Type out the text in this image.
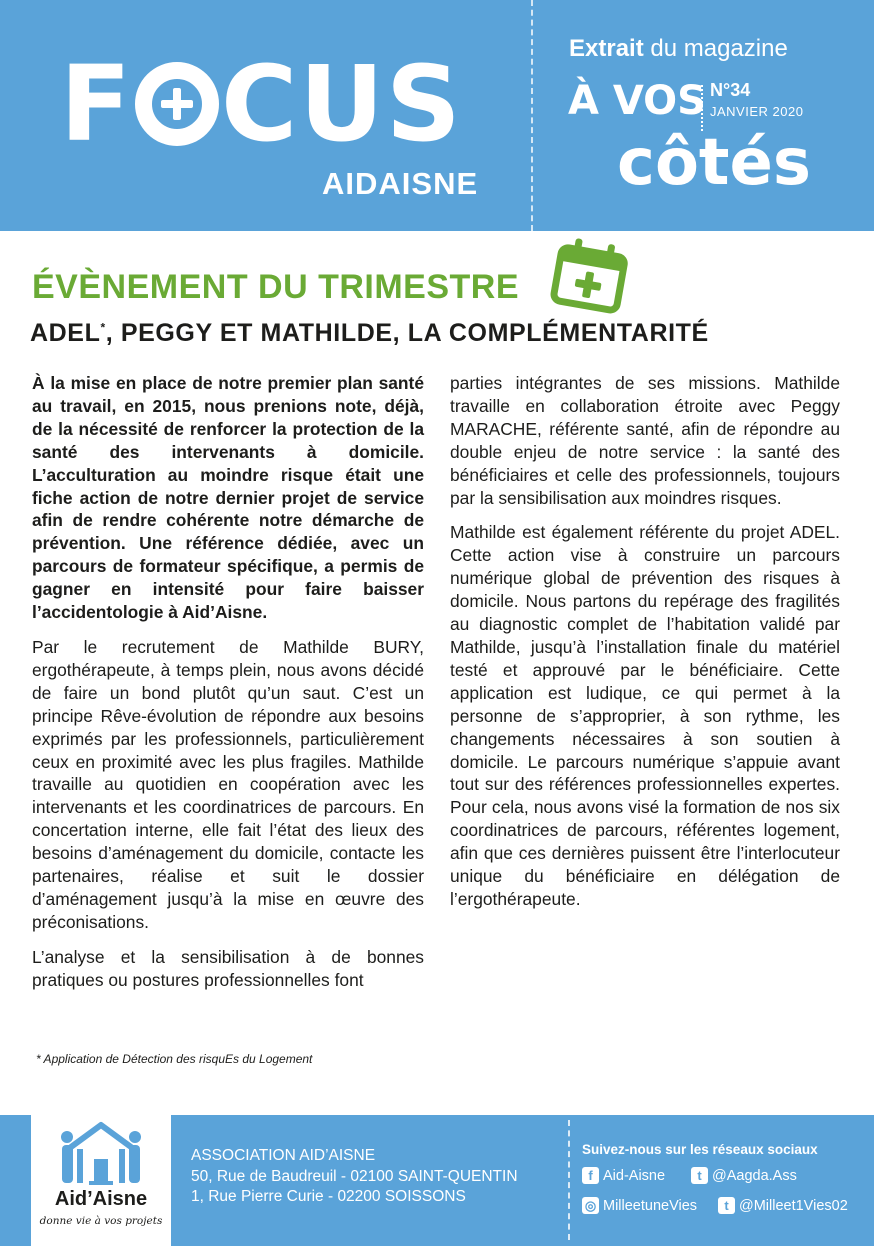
F CUS
AIDAISNE
Extrait du magazine
À VOS N°34
JANVIER 2020
côtés
ÉVÈNEMENT DU TRIMESTRE
ADEL*, PEGGY ET MATHILDE, LA COMPLÉMENTARITÉ

À la mise en place de notre premier plan santé au travail, en 2015, nous prenions note, déjà, de la nécessité de renforcer la protection de la santé des intervenants à domicile. L’acculturation au moindre risque était une fiche action de notre dernier projet de service afin de rendre cohérente notre démarche de prévention. Une référence dédiée, avec un parcours de formateur spécifique, a permis de gagner en intensité pour faire baisser l’accidentologie à Aid’Aisne.

Par le recrutement de Mathilde BURY, ergothérapeute, à temps plein, nous avons décidé de faire un bond plutôt qu’un saut. C’est un principe Rêve-évolution de répondre aux besoins exprimés par les professionnels, particulièrement ceux en proximité avec les plus fragiles. Mathilde travaille au quotidien en coopération avec les intervenants et les coordinatrices de parcours. En concertation interne, elle fait l’état des lieux des besoins d’aménagement du domicile, contacte les partenaires, réalise et suit le dossier d’aménagement jusqu’à la mise en œuvre des préconisations.

L’analyse et la sensibilisation à de bonnes pratiques ou postures professionnelles font

parties intégrantes de ses missions. Mathilde travaille en collaboration étroite avec Peggy MARACHE, référente santé, afin de répondre au double enjeu de notre service : la santé des bénéficiaires et celle des professionnels, toujours par la sensibilisation aux moindres risques.

Mathilde est également référente du projet ADEL. Cette action vise à construire un parcours numérique global de prévention des risques à domicile. Nous partons du repérage des fragilités au diagnostic complet de l’habitation validé par Mathilde, jusqu’à l’installation finale du matériel testé et approuvé par le bénéficiaire. Cette application est ludique, ce qui permet à la personne de s’approprier, à son rythme, les changements nécessaires à son soutien à domicile. Le parcours numérique s’appuie avant tout sur des références professionnelles expertes. Pour cela, nous avons visé la formation de nos six coordinatrices de parcours, référentes logement, afin que ces dernières puissent être l’interlocuteur unique du bénéficiaire en délégation de l’ergothérapeute.

* Application de Détection des risquEs du Logement
Aid’Aisne
donne vie à vos projets
ASSOCIATION AID’AISNE
50, Rue de Baudreuil - 02100 SAINT-QUENTIN
1, Rue Pierre Curie - 02200 SOISSONS
Suivez-nous sur les réseaux sociaux
f Aid-Aisne	t @Aagda.Ass
◎ MilleetuneVies	t @Milleet1Vies02
